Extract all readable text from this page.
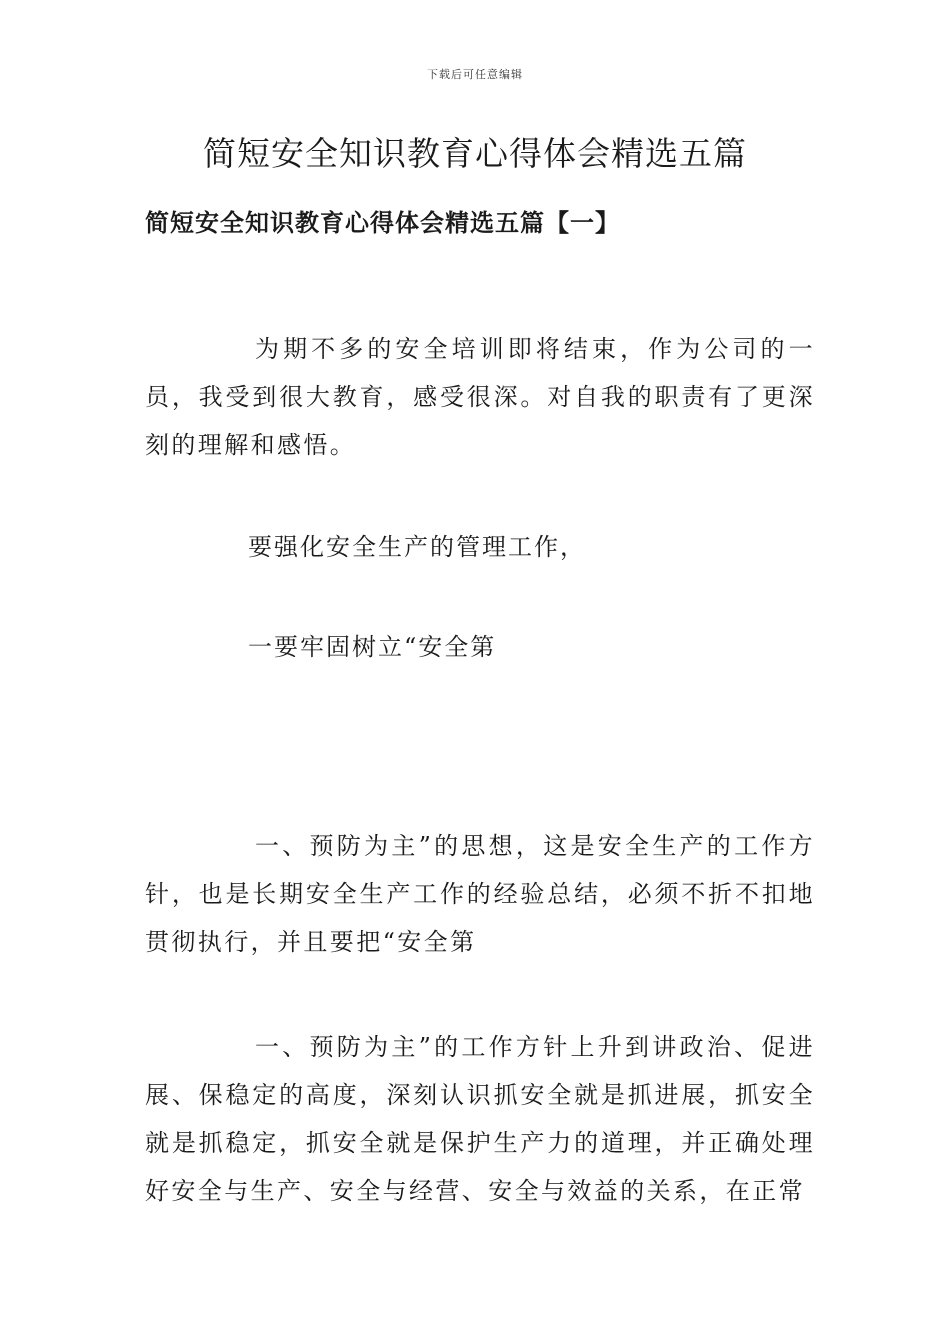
下载后可任意编辑
简短安全知识教育心得体会精选五篇
简短安全知识教育心得体会精选五篇【一】

为期不多的安全培训即将结束，作为公司的一员，我受到很大教育，感受很深。对自我的职责有了更深刻的理解和感悟。

要强化安全生产的管理工作，

一要牢固树立“安全第

一、预防为主”的思想，这是安全生产的工作方针，也是长期安全生产工作的经验总结，必须不折不扣地贯彻执行，并且要把“安全第

一、预防为主”的工作方针上升到讲政治、促进展、保稳定的高度，深刻认识抓安全就是抓进展，抓安全就是抓稳定，抓安全就是保护生产力的道理，并正确处理好安全与生产、安全与经营、安全与效益的关系，在正常
